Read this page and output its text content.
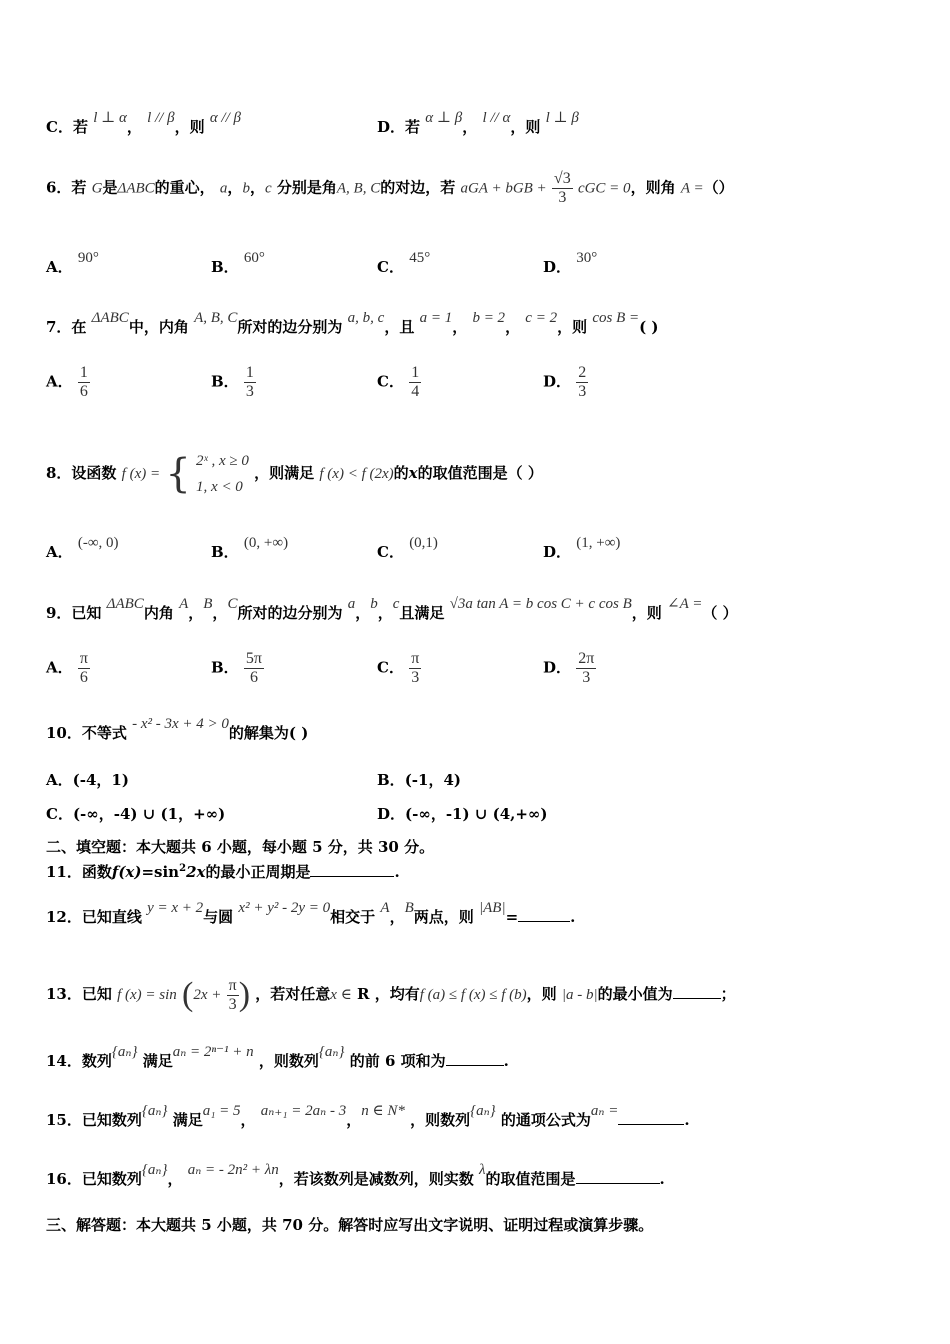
C．若 l ⊥ α， l // β，则 α // β	D．若 α ⊥ β， l // α，则 l ⊥ β
6．若 G是ΔABC的重心， a，b，c 分别是角A, B, C的对边，若 aGA + bGB + $\frac{√3}{3}$ cGC = 0，则角 A =（）
A． 90°	B． 60°	C． 45°	D． 30°
7．在 ΔABC中，内角 A, B, C所对的边分别为 a, b, c，且 a = 1， b = 2， c = 2，则 cos B =( )
A． $\frac{1}{6}$	B． $\frac{1}{3}$	C． $\frac{1}{4}$	D． $\frac{2}{3}$
8．设函数 f (x) = { 2ˣ , x ≥ 0
1, x < 0
，则满足 f (x) < f (2x)的x的取值范围是（ ）
A． (-∞, 0)	B． (0, +∞)	C． (0,1)	D． (1, +∞)
9．已知 ΔABC内角 A，B，C所对的边分别为 a，b，c且满足 √3a tan A = b cos C + c cos B，则 ∠A =（ ）
A． $\frac{\pi}{6}$	B． $\frac{5\pi}{6}$	C． $\frac{\pi}{3}$	D． $\frac{2\pi}{3}$
10．不等式 - x² - 3x + 4 > 0的解集为( )
A．(-4，1)	B．(-1，4)
C．(-∞，-4) ∪ (1，+∞)	D．(-∞，-1) ∪ (4,+∞)
二、填空题：本大题共 6 小题，每小题 5 分，共 30 分。
11．函数$f(x)=\sin^22x$的最小正周期是	.
12．已知直线 y = x + 2与圆 x² + y² - 2y = 0相交于 A，B两点，则 |AB|=	.
13．已知 f $(x) = \sin (2x + \frac{\pi}{3}$ ) ，若对任意x ∈ R ，均有f (a) ≤ f (x) ≤ f (b)，则 |a - b|的最小值为	；
14．数列{aₙ} 满足aₙ = 2ⁿ⁻¹ + n ，则数列{aₙ} 的前 6 项和为	.
15．已知数列{aₙ} 满足a₁ = 5， aₙ₊₁ = 2aₙ - 3，n ∈ N* ，则数列{aₙ} 的通项公式为aₙ =	.
16．已知数列{aₙ}， aₙ = - 2n² + λn，若该数列是减数列，则实数 λ的取值范围是	.
三、解答题：本大题共 5 小题，共 70 分。解答时应写出文字说明、证明过程或演算步骤。
